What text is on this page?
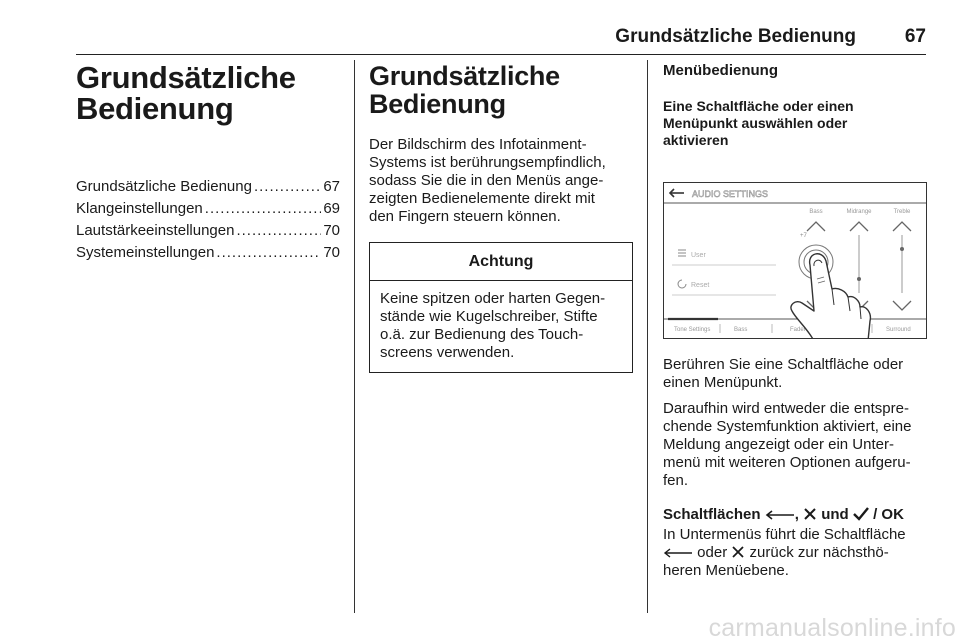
Grundsätzliche Bedienung	67
Grundsätzliche
Bedienung
Grundsätzliche Bedienung .....	67
Klangeinstellungen .....	69
Lautstärkeeinstellungen .....	70
Systemeinstellungen .....	70
Grundsätzliche
Bedienung

Der Bildschirm des Infotainment-
Systems ist berührungsempfindlich,
sodass Sie die in den Menüs ange-
zeigten Bedienelemente direkt mit
den Fingern steuern können.

Achtung
Keine spitzen oder harten Gegen-
stände wie Kugelschreiber, Stifte
o.ä. zur Bedienung des Touch-
screens verwenden.
Menübedienung
Eine Schaltfläche oder einen
Menüpunkt auswählen oder
aktivieren
AUDIO SETTINGS
Bass	Midrange	Treble
+7
User
Reset
Tone Settings	Bass	Fader	Surround

Berühren Sie eine Schaltfläche oder
einen Menüpunkt.

Daraufhin wird entweder die entspre-
chende Systemfunktion aktiviert, eine
Meldung angezeigt oder ein Unter-
menü mit weiteren Optionen aufgeru-
fen.

Schaltflächen , und / OK

In Untermenüs führt die Schaltfläche
oder zurück zur nächsthö-
heren Menüebene.

carmanualsonline.info
